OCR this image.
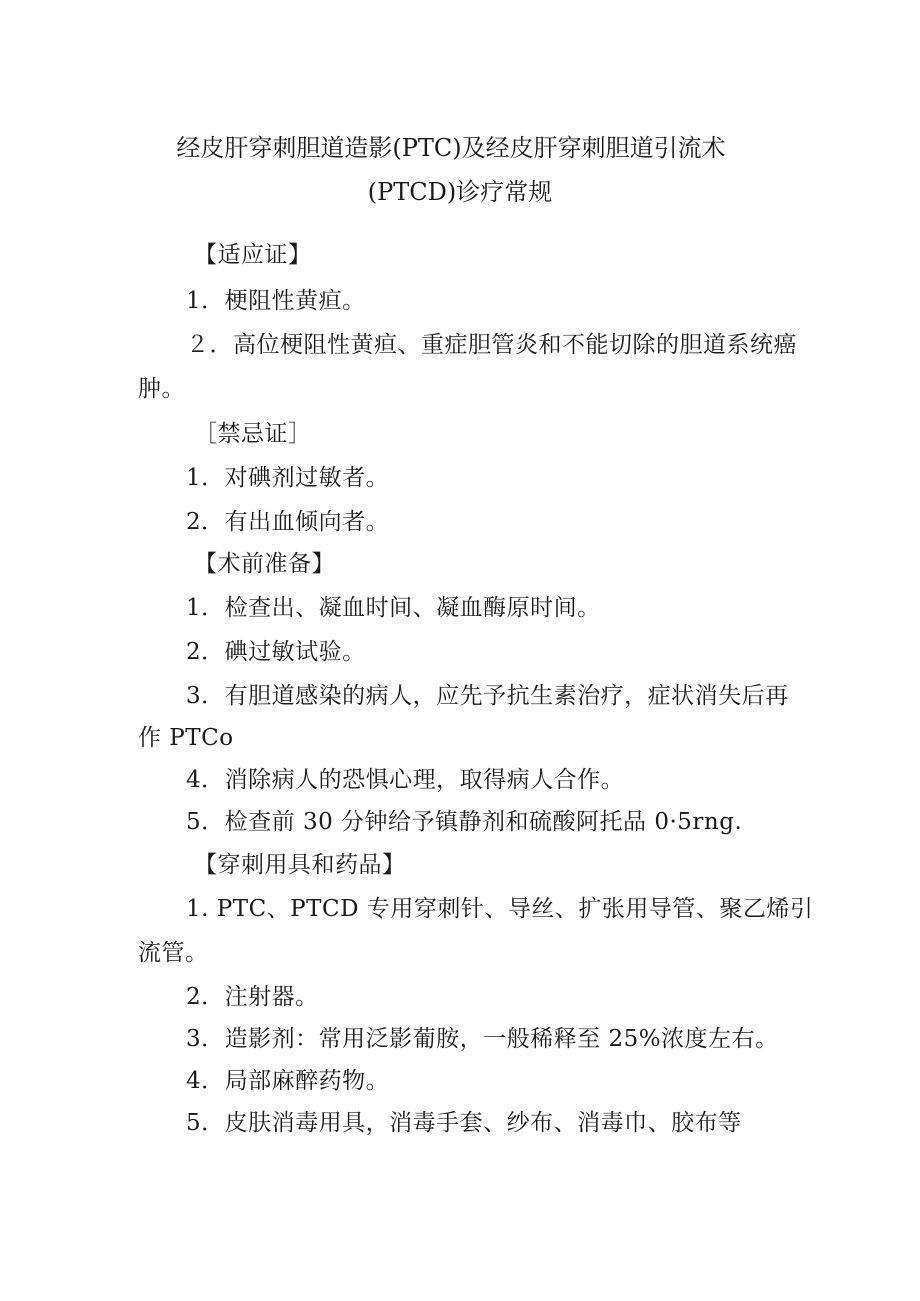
经皮肝穿刺胆道造影(PTC)及经皮肝穿刺胆道引流术
(PTCD)诊疗常规
【适应证】
1．梗阻性黄疸。
２．高位梗阻性黄疸、重症胆管炎和不能切除的胆道系统癌
肿。
［禁忌证］
1．对碘剂过敏者。
2．有出血倾向者。
【术前准备】
1．检查出、凝血时间、凝血酶原时间。
2．碘过敏试验。
3．有胆道感染的病人，应先予抗生素治疗，症状消失后再
作 PTCo
4．消除病人的恐惧心理，取得病人合作。
5．检查前 30 分钟给予镇静剂和硫酸阿托品 0·5rng.
【穿刺用具和药品】
1. PTC、PTCD 专用穿刺针、导丝、扩张用导管、聚乙烯引
流管。
2．注射器。
3．造影剂：常用泛影葡胺，一般稀释至 25%浓度左右。
4．局部麻醉药物。
5．皮肤消毒用具，消毒手套、纱布、消毒巾、胶布等
